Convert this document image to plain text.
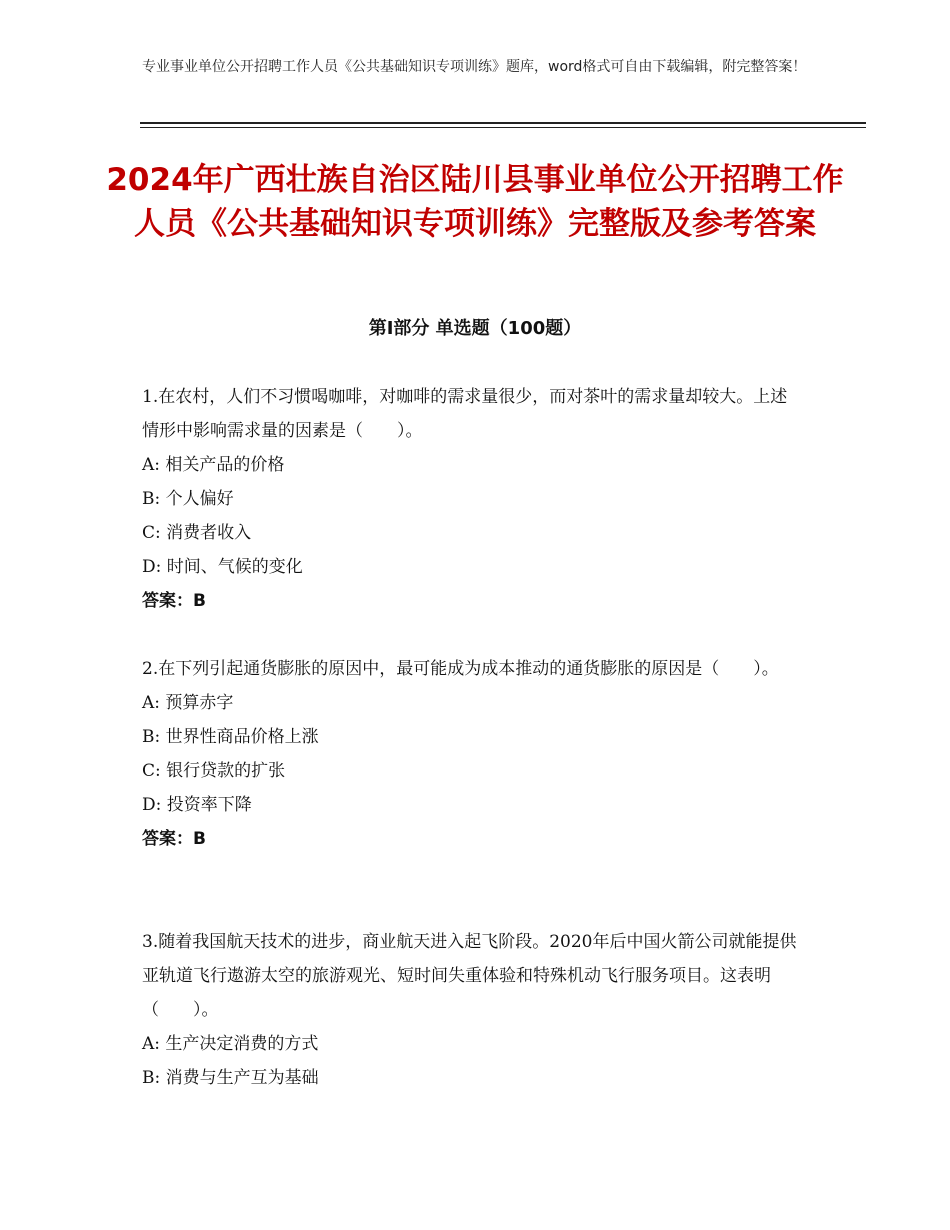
专业事业单位公开招聘工作人员《公共基础知识专项训练》题库，word格式可自由下载编辑，附完整答案！
2024年广西壮族自治区陆川县事业单位公开招聘工作人员《公共基础知识专项训练》完整版及参考答案
第Ⅰ部分 单选题（100题）

1.在农村，人们不习惯喝咖啡，对咖啡的需求量很少，而对茶叶的需求量却较大。上述情形中影响需求量的因素是（　　）。

A: 相关产品的价格

B: 个人偏好

C: 消费者收入

D: 时间、气候的变化

答案：B

2.在下列引起通货膨胀的原因中，最可能成为成本推动的通货膨胀的原因是（　　）。

A: 预算赤字

B: 世界性商品价格上涨

C: 银行贷款的扩张

D: 投资率下降

答案：B

3.随着我国航天技术的进步，商业航天进入起飞阶段。2020年后中国火箭公司就能提供亚轨道飞行遨游太空的旅游观光、短时间失重体验和特殊机动飞行服务项目。这表明（　　）。

A: 生产决定消费的方式

B: 消费与生产互为基础
